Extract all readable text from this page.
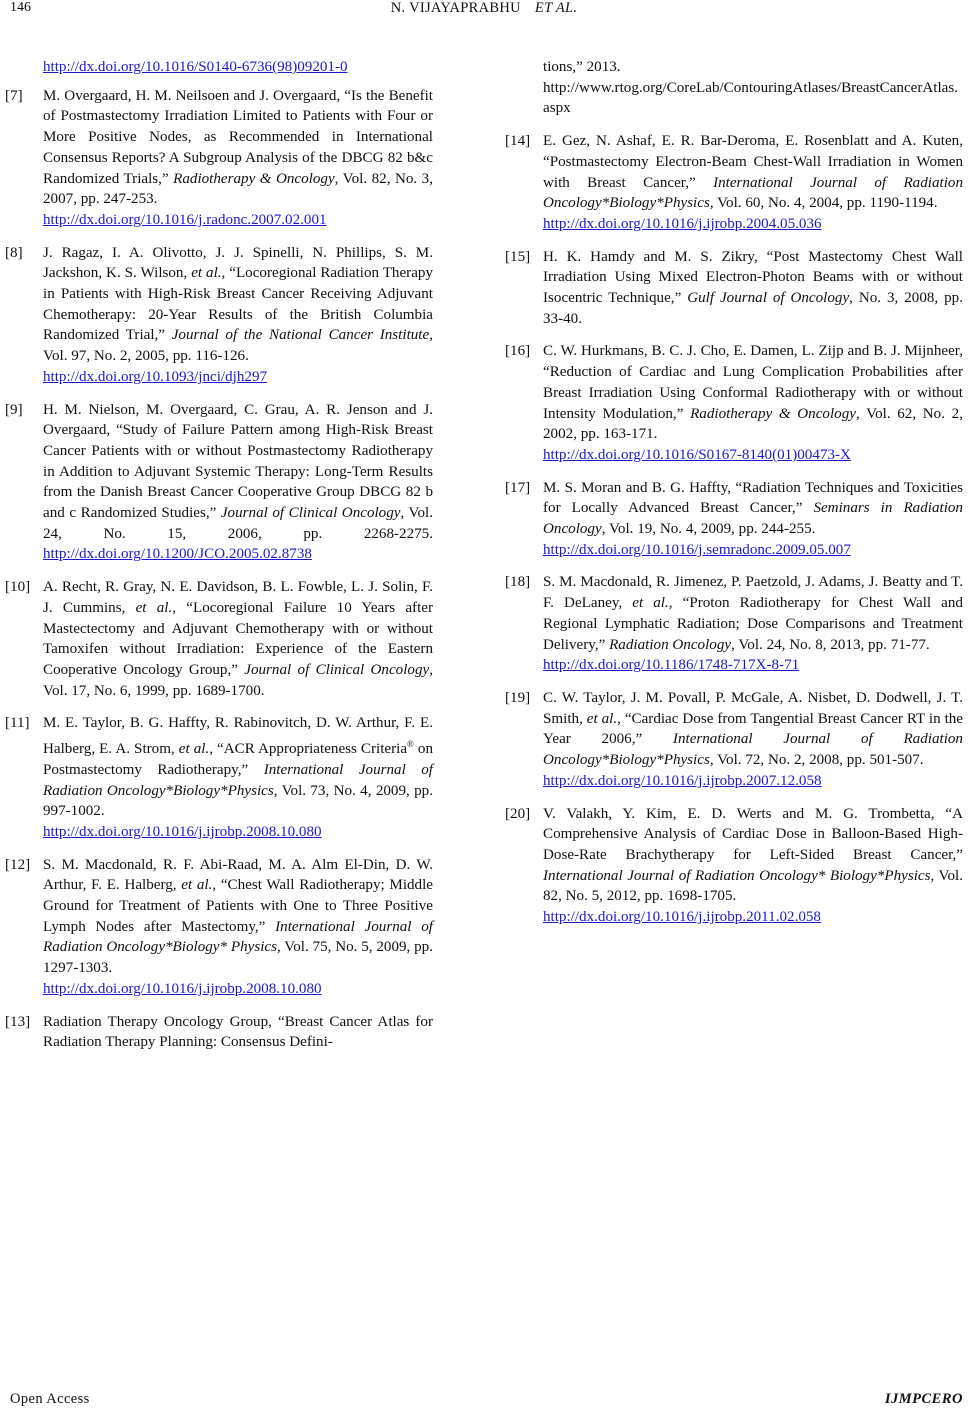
146	N. VIJAYAPRABHU ET AL.
http://dx.doi.org/10.1016/S0140-6736(98)09201-0
[7]	M. Overgaard, H. M. Neilsoen and J. Overgaard, “Is the Benefit of Postmastectomy Irradiation Limited to Patients with Four or More Positive Nodes, as Recommended in International Consensus Reports? A Subgroup Analysis of the DBCG 82 b&c Randomized Trials,” Radiotherapy & Oncology, Vol. 82, No. 3, 2007, pp. 247-253.
http://dx.doi.org/10.1016/j.radonc.2007.02.001
[8]	J. Ragaz, I. A. Olivotto, J. J. Spinelli, N. Phillips, S. M. Jackshon, K. S. Wilson, et al., “Locoregional Radiation Therapy in Patients with High-Risk Breast Cancer Receiving Adjuvant Chemotherapy: 20-Year Results of the British Columbia Randomized Trial,” Journal of the National Cancer Institute, Vol. 97, No. 2, 2005, pp. 116-126.
http://dx.doi.org/10.1093/jnci/djh297
[9]	H. M. Nielson, M. Overgaard, C. Grau, A. R. Jenson and J. Overgaard, “Study of Failure Pattern among High-Risk Breast Cancer Patients with or without Postmastectomy Radiotherapy in Addition to Adjuvant Systemic Therapy: Long-Term Results from the Danish Breast Cancer Cooperative Group DBCG 82 b and c Randomized Studies,” Journal of Clinical Oncology, Vol. 24, No. 15, 2006, pp. 2268-2275. http://dx.doi.org/10.1200/JCO.2005.02.8738
[10] A. Recht, R. Gray, N. E. Davidson, B. L. Fowble, L. J. Solin, F. J. Cummins, et al., “Locoregional Failure 10 Years after Mastectectomy and Adjuvant Chemotherapy with or without Tamoxifen without Irradiation: Experience of the Eastern Cooperative Oncology Group,” Journal of Clinical Oncology, Vol. 17, No. 6, 1999, pp. 1689-1700.
[11] M. E. Taylor, B. G. Haffty, R. Rabinovitch, D. W. Arthur, F. E. Halberg, E. A. Strom, et al., “ACR Appropriateness Criteria® on Postmastectomy Radiotherapy,” International Journal of Radiation Oncology*Biology*Physics, Vol. 73, No. 4, 2009, pp. 997-1002.
http://dx.doi.org/10.1016/j.ijrobp.2008.10.080
[12] S. M. Macdonald, R. F. Abi-Raad, M. A. Alm El-Din, D. W. Arthur, F. E. Halberg, et al., “Chest Wall Radiotherapy; Middle Ground for Treatment of Patients with One to Three Positive Lymph Nodes after Mastectomy,” International Journal of Radiation Oncology*Biology* Physics, Vol. 75, No. 5, 2009, pp. 1297-1303.
http://dx.doi.org/10.1016/j.ijrobp.2008.10.080
[13] Radiation Therapy Oncology Group, “Breast Cancer Atlas for Radiation Therapy Planning: Consensus Defini-
tions,” 2013.
http://www.rtog.org/CoreLab/ContouringAtlases/BreastCancerAtlas.aspx
[14] E. Gez, N. Ashaf, E. R. Bar-Deroma, E. Rosenblatt and A. Kuten, “Postmastectomy Electron-Beam Chest-Wall Irradiation in Women with Breast Cancer,” International Journal of Radiation Oncology*Biology*Physics, Vol. 60, No. 4, 2004, pp. 1190-1194.
http://dx.doi.org/10.1016/j.ijrobp.2004.05.036
[15] H. K. Hamdy and M. S. Zikry, “Post Mastectomy Chest Wall Irradiation Using Mixed Electron-Photon Beams with or without Isocentric Technique,” Gulf Journal of Oncology, No. 3, 2008, pp. 33-40.
[16] C. W. Hurkmans, B. C. J. Cho, E. Damen, L. Zijp and B. J. Mijnheer, “Reduction of Cardiac and Lung Complication Probabilities after Breast Irradiation Using Conformal Radiotherapy with or without Intensity Modulation,” Radiotherapy & Oncology, Vol. 62, No. 2, 2002, pp. 163-171.
http://dx.doi.org/10.1016/S0167-8140(01)00473-X
[17] M. S. Moran and B. G. Haffty, “Radiation Techniques and Toxicities for Locally Advanced Breast Cancer,” Seminars in Radiation Oncology, Vol. 19, No. 4, 2009, pp. 244-255.
http://dx.doi.org/10.1016/j.semradonc.2009.05.007
[18] S. M. Macdonald, R. Jimenez, P. Paetzold, J. Adams, J. Beatty and T. F. DeLaney, et al., “Proton Radiotherapy for Chest Wall and Regional Lymphatic Radiation; Dose Comparisons and Treatment Delivery,” Radiation Oncology, Vol. 24, No. 8, 2013, pp. 71-77.
http://dx.doi.org/10.1186/1748-717X-8-71
[19] C. W. Taylor, J. M. Povall, P. McGale, A. Nisbet, D. Dodwell, J. T. Smith, et al., “Cardiac Dose from Tangential Breast Cancer RT in the Year 2006,” International Journal of Radiation Oncology*Biology*Physics, Vol. 72, No. 2, 2008, pp. 501-507.
http://dx.doi.org/10.1016/j.ijrobp.2007.12.058
[20] V. Valakh, Y. Kim, E. D. Werts and M. G. Trombetta, “A Comprehensive Analysis of Cardiac Dose in Balloon-Based High-Dose-Rate Brachytherapy for Left-Sided Breast Cancer,” International Journal of Radiation Oncology* Biology*Physics, Vol. 82, No. 5, 2012, pp. 1698-1705.
http://dx.doi.org/10.1016/j.ijrobp.2011.02.058
Open Access	IJMPCERO
